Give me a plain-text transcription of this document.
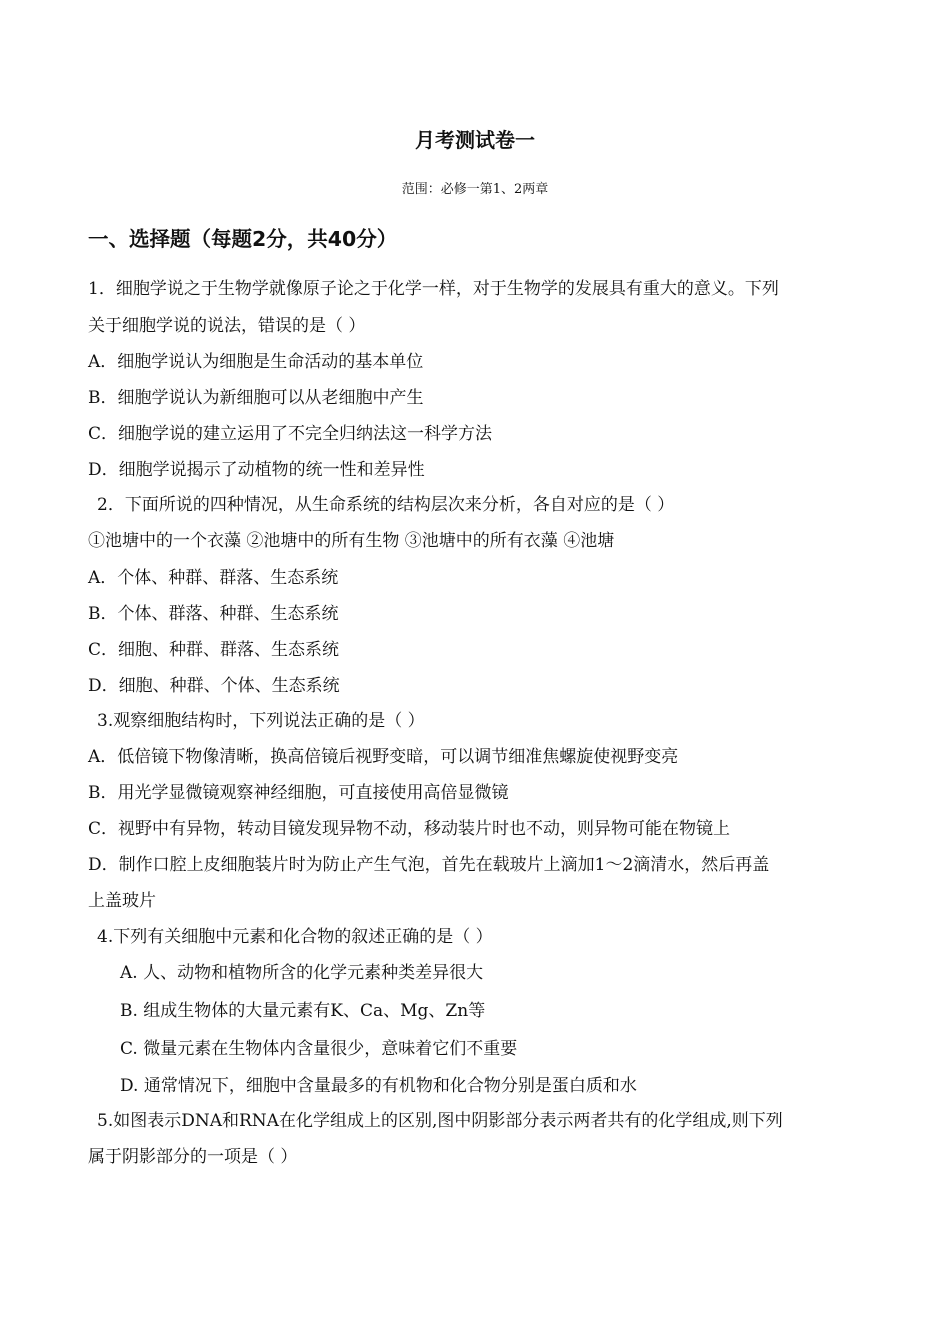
月考测试卷一
范围：必修一第1、2两章
一、选择题（每题2分，共40分）
1．细胞学说之于生物学就像原子论之于化学一样，对于生物学的发展具有重大的意义。下列
关于细胞学说的说法，错误的是（ ）
A．细胞学说认为细胞是生命活动的基本单位
B．细胞学说认为新细胞可以从老细胞中产生
C．细胞学说的建立运用了不完全归纳法这一科学方法
D．细胞学说揭示了动植物的统一性和差异性
2．下面所说的四种情况，从生命系统的结构层次来分析，各自对应的是（ ）
①池塘中的一个衣藻 ②池塘中的所有生物 ③池塘中的所有衣藻 ④池塘
A．个体、种群、群落、生态系统
B．个体、群落、种群、生态系统
C．细胞、种群、群落、生态系统
D．细胞、种群、个体、生态系统
3.观察细胞结构时，下列说法正确的是（ ）
A．低倍镜下物像清晰，换高倍镜后视野变暗，可以调节细准焦螺旋使视野变亮
B．用光学显微镜观察神经细胞，可直接使用高倍显微镜
C．视野中有异物，转动目镜发现异物不动，移动装片时也不动，则异物可能在物镜上
D．制作口腔上皮细胞装片时为防止产生气泡，首先在载玻片上滴加1～2滴清水，然后再盖
上盖玻片
4.下列有关细胞中元素和化合物的叙述正确的是（ ）
A. 人、动物和植物所含的化学元素种类差异很大
B. 组成生物体的大量元素有K、Ca、Mg、Zn等
C. 微量元素在生物体内含量很少，意味着它们不重要
D. 通常情况下，细胞中含量最多的有机物和化合物分别是蛋白质和水
5.如图表示DNA和RNA在化学组成上的区别,图中阴影部分表示两者共有的化学组成,则下列
属于阴影部分的一项是（ ）
